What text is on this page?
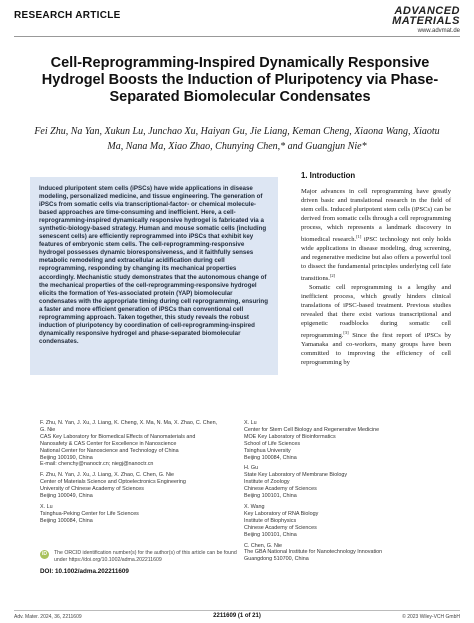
RESEARCH ARTICLE	ADVANCED
MATERIALS
www.advmat.de
Cell-Reprogramming-Inspired Dynamically Responsive Hydrogel Boosts the Induction of Pluripotency via Phase-Separated Biomolecular Condensates
Fei Zhu, Na Yan, Xukun Lu, Junchao Xu, Haiyan Gu, Jie Liang, Keman Cheng, Xiaona Wang, Xiaotu Ma, Nana Ma, Xiao Zhao, Chunying Chen,* and Guangjun Nie*
Induced pluripotent stem cells (iPSCs) have wide applications in disease modeling, personalized medicine, and tissue engineering. The generation of iPSCs from somatic cells via transcriptional-factor- or chemical molecule-based approaches are time-consuming and inefficient. Here, a cell-reprogramming-inspired dynamically responsive hydrogel is fabricated via a synthetic-biology-based strategy. Human and mouse somatic cells (including senescent cells) are efficiently reprogrammed into iPSCs that exhibit key features of embryonic stem cells. The cell-reprogramming-responsive hydrogel possesses dynamic bioresponsiveness, and it faithfully senses metabolic remodeling and extracellular acidification during cell reprogramming, responding by changing its mechanical properties accordingly. Mechanistic study demonstrates that the autonomous change of the mechanical properties of the cell-reprogramming-responsive hydrogel elicits the formation of Yes-associated protein (YAP) biomolecular condensates with the appropriate timing during cell reprogramming, ensuring a faster and more efficient generation of iPSCs than conventional cell reprogramming approach. Taken together, this study reveals the robust induction of pluripotency by coordination of cell-reprogramming-inspired dynamically responsive hydrogel and phase-separated biomolecular condensates.
1. Introduction

Major advances in cell reprogramming have greatly driven basic and translational research in the field of stem cells. Induced pluripotent stem cells (iPSCs) can be derived from somatic cells through a cell reprogramming process, which represents a landmark discovery in biomedical research.[1] iPSC technology not only holds wide applications in disease modeling, drug screening, and regenerative medicine but also offers a powerful tool to dissect the fundamental principles underlying cell fate transitions.[2]

Somatic cell reprogramming is a lengthy and inefficient process, which greatly hinders clinical translations of iPSC-based treatment. Previous studies revealed that there exist various transcriptional and epigenetic roadblocks during somatic cell reprogramming.[3] Since the first report of iPSCs by Yamanaka and co-workers, many groups have been committed to improving the efficiency of cell reprogramming by

F. Zhu, N. Yan, J. Xu, J. Liang, K. Cheng, X. Ma, N. Ma, X. Zhao, C. Chen,
G. Nie
CAS Key Laboratory for Biomedical Effects of Nanomaterials and
Nanosafety & CAS Center for Excellence in Nanoscience
National Center for Nanoscience and Technology of China
Beijing 100190, China
E-mail: chenchy@nanoctr.cn; niegj@nanoctr.cn
F. Zhu, N. Yan, J. Xu, J. Liang, X. Zhao, C. Chen, G. Nie
Center of Materials Science and Optoelectronics Engineering
University of Chinese Academy of Sciences
Beijing 100049, China
X. Lu
Tsinghua-Peking Center for Life Sciences
Beijing 100084, China
X. Lu
Center for Stem Cell Biology and Regenerative Medicine
MOE Key Laboratory of Bioinformatics
School of Life Sciences
Tsinghua University
Beijing 100084, China
H. Gu
State Key Laboratory of Membrane Biology
Institute of Zoology
Chinese Academy of Sciences
Beijing 100101, China
X. Wang
Key Laboratory of RNA Biology
Institute of Biophysics
Chinese Academy of Sciences
Beijing 100101, China
C. Chen, G. Nie
The GBA National Institute for Nanotechnology Innovation
Guangdong 510700, China
iD	The ORCID identification number(s) for the author(s) of this article can be found under https://doi.org/10.1002/adma.202211609
DOI: 10.1002/adma.202211609
Adv. Mater. 2024, 36, 2211609	2211609 (1 of 21)	© 2023 Wiley-VCH GmbH
